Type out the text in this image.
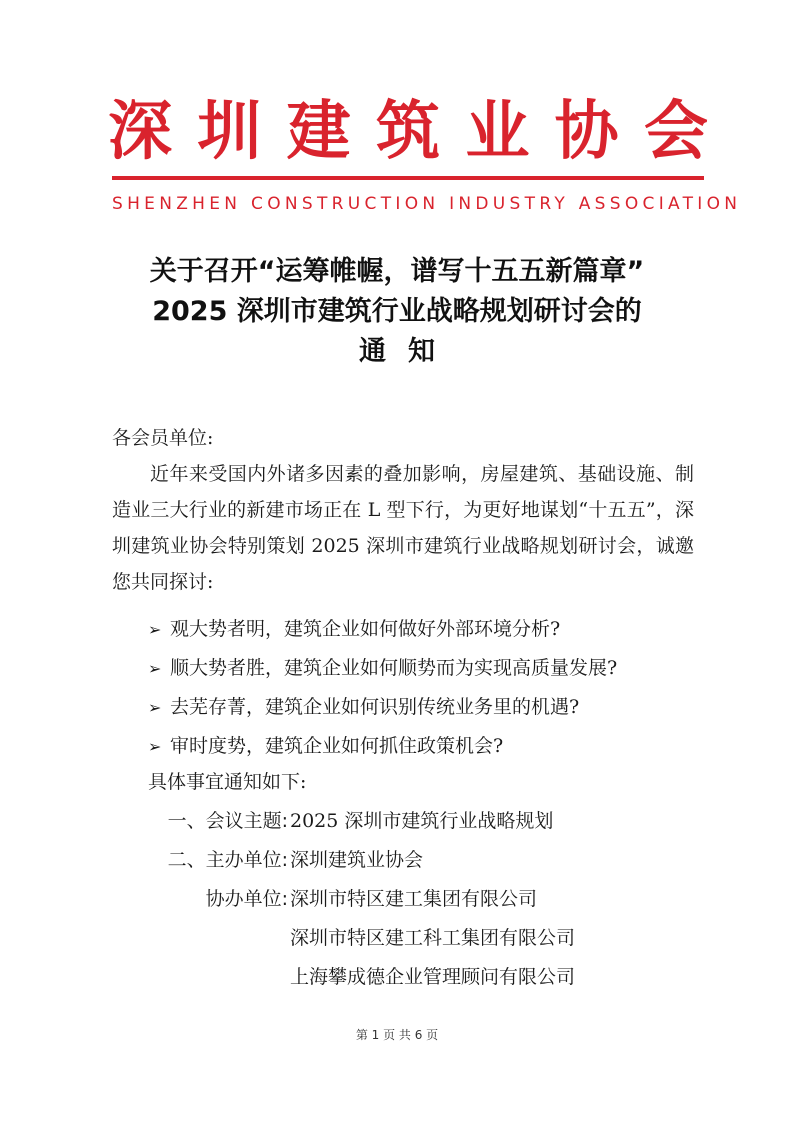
深 圳 建 筑 业 协 会
SHENZHEN CONSTRUCTION INDUSTRY ASSOCIATION
关于召开“运筹帷幄，谱写十五五新篇章”
2025 深圳市建筑行业战略规划研讨会的
通知
各会员单位:
近年来受国内外诸多因素的叠加影响，房屋建筑、基础设施、制造业三大行业的新建市场正在 L 型下行，为更好地谋划“十五五”，深圳建筑业协会特别策划 2025 深圳市建筑行业战略规划研讨会，诚邀您共同探讨:
➢ 观大势者明，建筑企业如何做好外部环境分析?
➢ 顺大势者胜，建筑企业如何顺势而为实现高质量发展?
➢ 去芜存菁，建筑企业如何识别传统业务里的机遇?
➢ 审时度势，建筑企业如何抓住政策机会?
具体事宜通知如下:
一、会议主题: 2025 深圳市建筑行业战略规划
二、主办单位: 深圳建筑业协会
协办单位: 深圳市特区建工集团有限公司
深圳市特区建工科工集团有限公司
上海攀成德企业管理顾问有限公司
第 1 页 共 6 页
